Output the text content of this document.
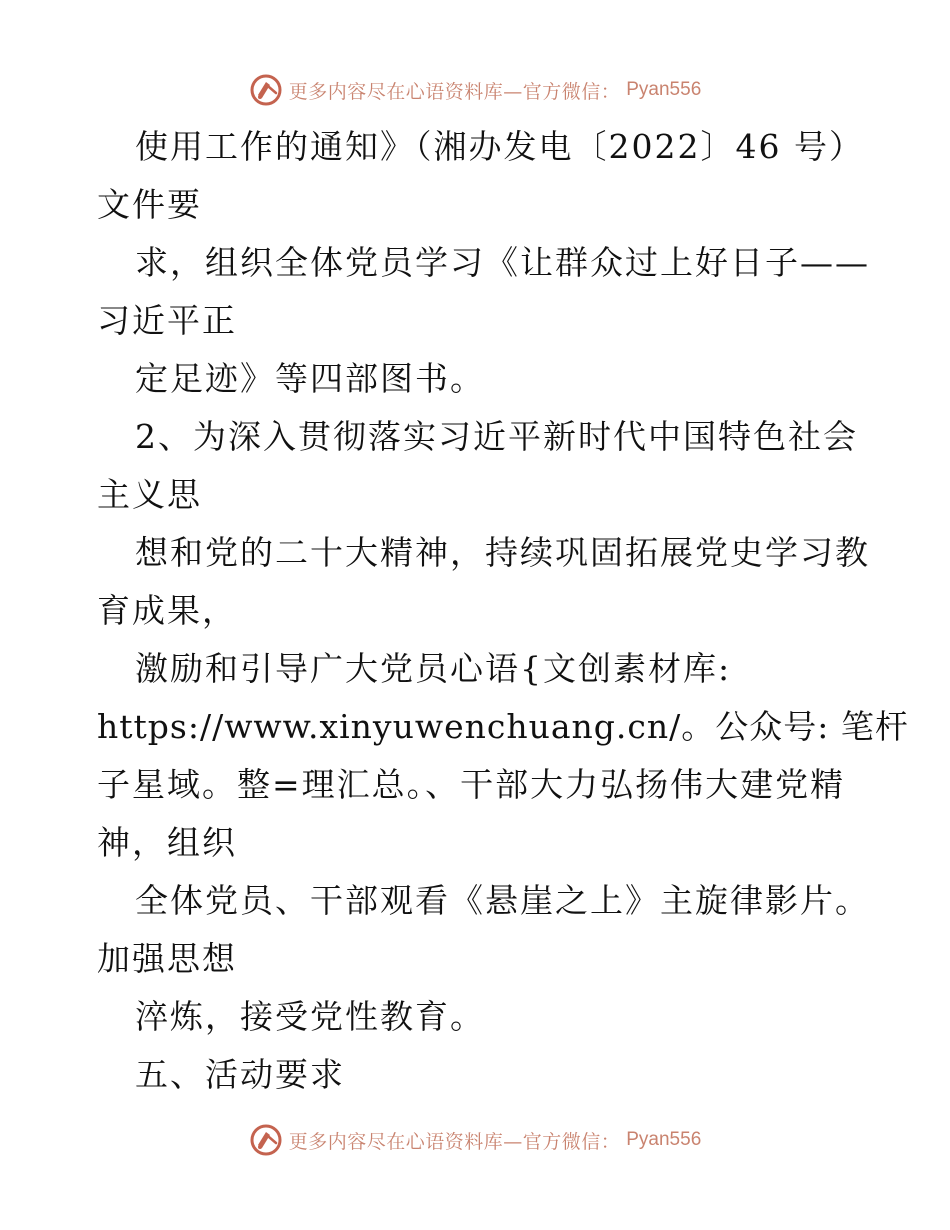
更多内容尽在心语资料库—官方微信： Pyan556
使用工作的通知》（湘办发电〔2022〕46 号）
文件要
求，组织全体党员学习《让群众过上好日子——
习近平正
定足迹》等四部图书。
2、为深入贯彻落实习近平新时代中国特色社会
主义思
想和党的二十大精神，持续巩固拓展党史学习教
育成果，
激励和引导广大党员心语{文创素材库:
https://www.xinyuwenchuang.cn/。公众号: 笔杆
子星域。整=理汇总。、干部大力弘扬伟大建党精
神，组织
全体党员、干部观看《悬崖之上》主旋律影片。
加强思想
淬炼，接受党性教育。
五、活动要求
更多内容尽在心语资料库—官方微信： Pyan556
